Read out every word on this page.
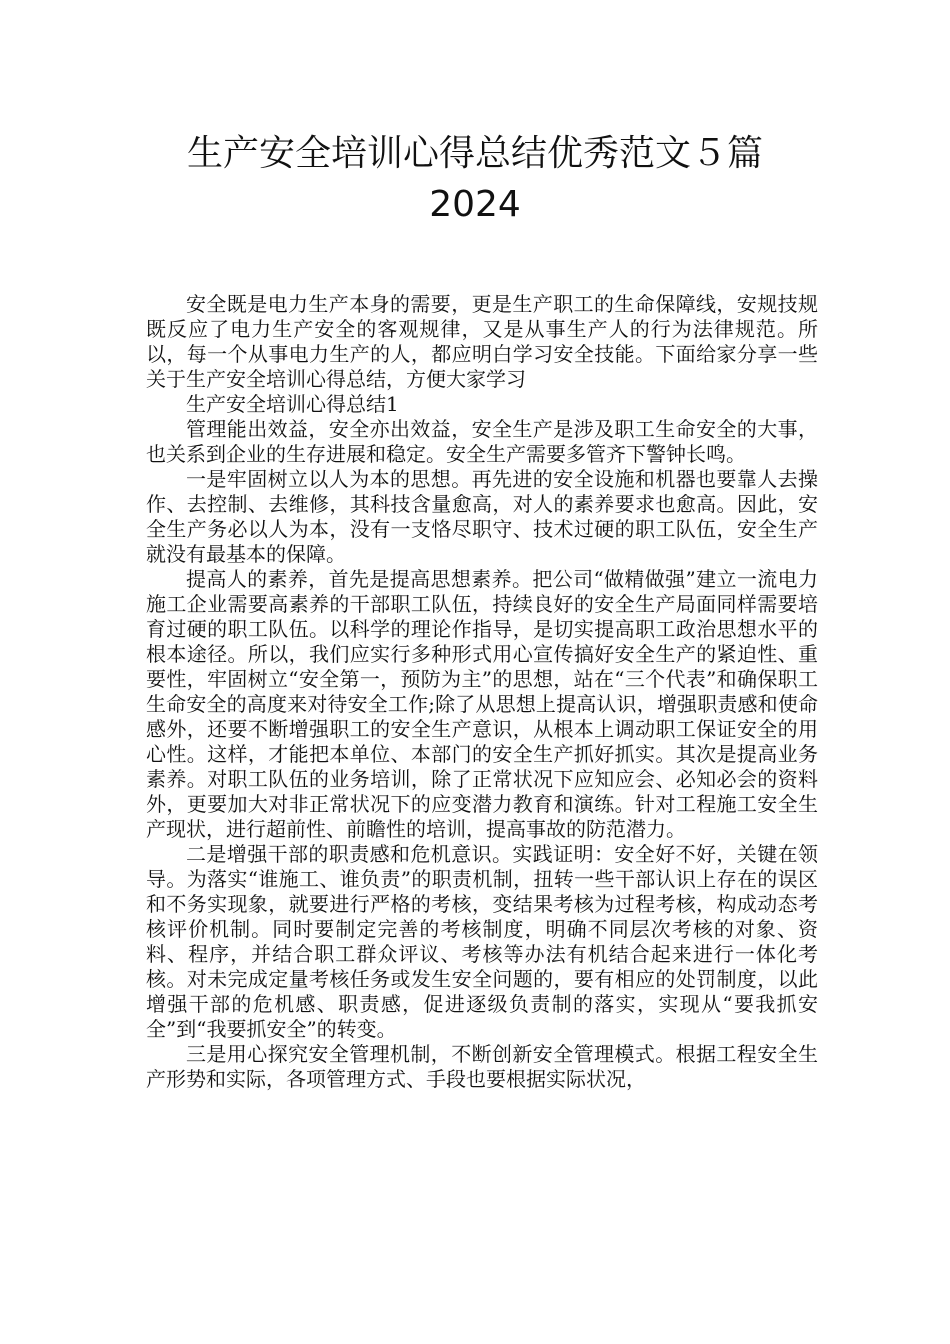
生产安全培训心得总结优秀范文５篇
2024

安全既是电力生产本身的需要，更是生产职工的生命保障线，安规技规既反应了电力生产安全的客观规律，又是从事生产人的行为法律规范。所以，每一个从事电力生产的人，都应明白学习安全技能。下面给家分享一些关于生产安全培训心得总结，方便大家学习

生产安全培训心得总结1

管理能出效益，安全亦出效益，安全生产是涉及职工生命安全的大事，也关系到企业的生存进展和稳定。安全生产需要多管齐下警钟长鸣。

一是牢固树立以人为本的思想。再先进的安全设施和机器也要靠人去操作、去控制、去维修，其科技含量愈高，对人的素养要求也愈高。因此，安全生产务必以人为本，没有一支恪尽职守、技术过硬的职工队伍，安全生产就没有最基本的保障。

提高人的素养，首先是提高思想素养。把公司“做精做强”建立一流电力施工企业需要高素养的干部职工队伍，持续良好的安全生产局面同样需要培育过硬的职工队伍。以科学的理论作指导，是切实提高职工政治思想水平的根本途径。所以，我们应实行多种形式用心宣传搞好安全生产的紧迫性、重要性，牢固树立“安全第一，预防为主”的思想，站在“三个代表”和确保职工生命安全的高度来对待安全工作;除了从思想上提高认识，增强职责感和使命感外，还要不断增强职工的安全生产意识，从根本上调动职工保证安全的用心性。这样，才能把本单位、本部门的安全生产抓好抓实。其次是提高业务素养。对职工队伍的业务培训，除了正常状况下应知应会、必知必会的资料外，更要加大对非正常状况下的应变潜力教育和演练。针对工程施工安全生产现状，进行超前性、前瞻性的培训，提高事故的防范潜力。

二是增强干部的职责感和危机意识。实践证明：安全好不好，关键在领导。为落实“谁施工、谁负责”的职责机制，扭转一些干部认识上存在的误区和不务实现象，就要进行严格的考核，变结果考核为过程考核，构成动态考核评价机制。同时要制定完善的考核制度，明确不同层次考核的对象、资料、程序，并结合职工群众评议、考核等办法有机结合起来进行一体化考核。对未完成定量考核任务或发生安全问题的，要有相应的处罚制度，以此增强干部的危机感、职责感，促进逐级负责制的落实，实现从“要我抓安全”到“我要抓安全”的转变。

三是用心探究安全管理机制，不断创新安全管理模式。根据工程安全生产形势和实际，各项管理方式、手段也要根据实际状况，
